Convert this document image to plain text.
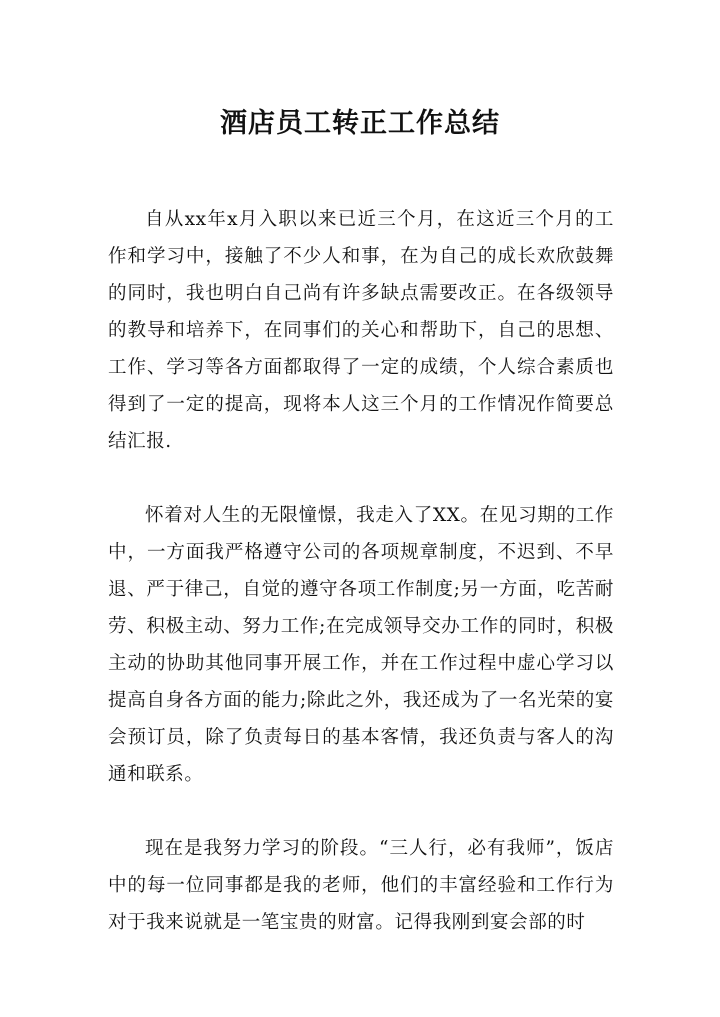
酒店员工转正工作总结

自从xx年x月入职以来已近三个月，在这近三个月的工作和学习中，接触了不少人和事，在为自己的成长欢欣鼓舞的同时，我也明白自己尚有许多缺点需要改正。在各级领导的教导和培养下，在同事们的关心和帮助下，自己的思想、工作、学习等各方面都取得了一定的成绩，个人综合素质也得到了一定的提高，现将本人这三个月的工作情况作简要总结汇报.

怀着对人生的无限憧憬，我走入了XX。在见习期的工作中，一方面我严格遵守公司的各项规章制度，不迟到、不早退、严于律己，自觉的遵守各项工作制度;另一方面，吃苦耐劳、积极主动、努力工作;在完成领导交办工作的同时，积极主动的协助其他同事开展工作，并在工作过程中虚心学习以提高自身各方面的能力;除此之外，我还成为了一名光荣的宴会预订员，除了负责每日的基本客情，我还负责与客人的沟通和联系。

现在是我努力学习的阶段。“三人行，必有我师”，饭店中的每一位同事都是我的老师，他们的丰富经验和工作行为对于我来说就是一笔宝贵的财富。记得我刚到宴会部的时
